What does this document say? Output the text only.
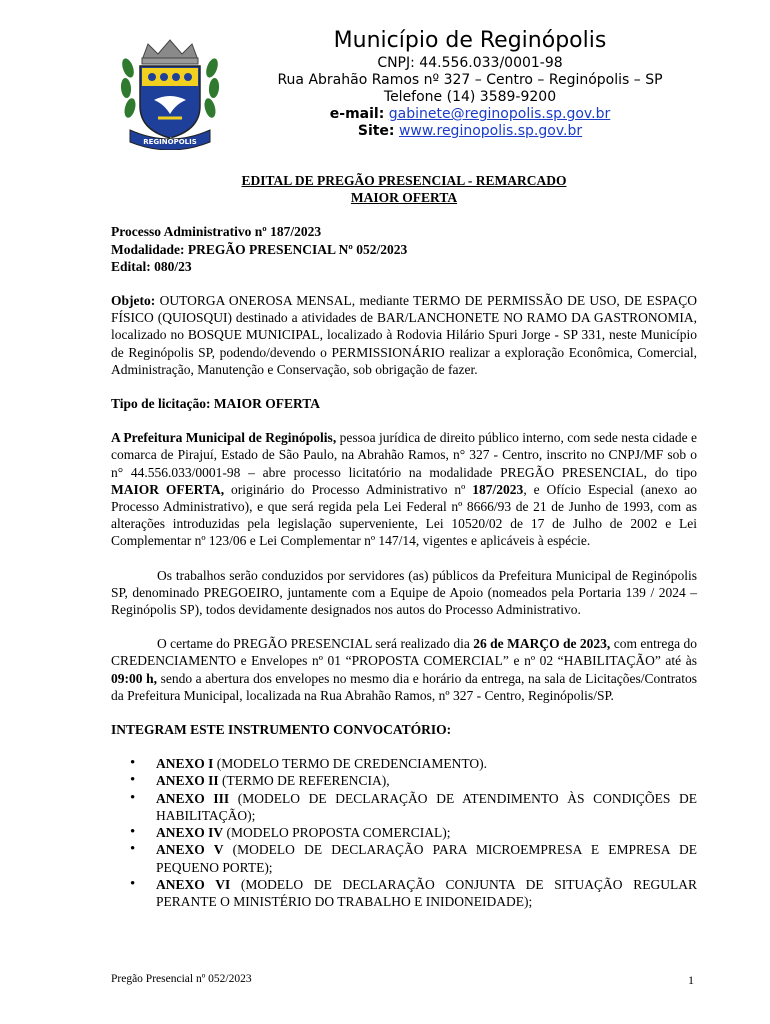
REGINÓPOLIS
Município de Reginópolis
CNPJ: 44.556.033/0001-98
Rua Abrahão Ramos nº 327 – Centro – Reginópolis – SP
Telefone (14) 3589-9200
e-mail: gabinete@reginopolis.sp.gov.br
Site: www.reginopolis.sp.gov.br
EDITAL DE PREGÃO PRESENCIAL - REMARCADO
MAIOR OFERTA
Processo Administrativo nº 187/2023
Modalidade: PREGÃO PRESENCIAL Nº 052/2023
Edital: 080/23
Objeto: OUTORGA ONEROSA MENSAL, mediante TERMO DE PERMISSÃO DE USO, DE ESPAÇO FÍSICO (QUIOSQUI) destinado a atividades de BAR/LANCHONETE NO RAMO DA GASTRONOMIA, localizado no BOSQUE MUNICIPAL, localizado à Rodovia Hilário Spuri Jorge - SP 331, neste Município de Reginópolis SP, podendo/devendo o PERMISSIONÁRIO realizar a exploração Econômica, Comercial, Administração, Manutenção e Conservação, sob obrigação de fazer.
Tipo de licitação: MAIOR OFERTA
A Prefeitura Municipal de Reginópolis, pessoa jurídica de direito público interno, com sede nesta cidade e comarca de Pirajuí, Estado de São Paulo, na Abrahão Ramos, n° 327 - Centro, inscrito no CNPJ/MF sob o n° 44.556.033/0001-98 – abre processo licitatório na modalidade PREGÃO PRESENCIAL, do tipo MAIOR OFERTA, originário do Processo Administrativo nº 187/2023, e Ofício Especial (anexo ao Processo Administrativo), e que será regida pela Lei Federal nº 8666/93 de 21 de Junho de 1993, com as alterações introduzidas pela legislação superveniente, Lei 10520/02 de 17 de Julho de 2002 e Lei Complementar nº 123/06 e Lei Complementar nº 147/14, vigentes e aplicáveis à espécie.
Os trabalhos serão conduzidos por servidores (as) públicos da Prefeitura Municipal de Reginópolis SP, denominado PREGOEIRO, juntamente com a Equipe de Apoio (nomeados pela Portaria 139 / 2024 – Reginópolis SP), todos devidamente designados nos autos do Processo Administrativo.
O certame do PREGÃO PRESENCIAL será realizado dia 26 de MARÇO de 2023, com entrega do CREDENCIAMENTO e Envelopes nº 01 “PROPOSTA COMERCIAL” e nº 02 “HABILITAÇÃO” até às 09:00 h, sendo a abertura dos envelopes no mesmo dia e horário da entrega, na sala de Licitações/Contratos da Prefeitura Municipal, localizada na Rua Abrahão Ramos, nº 327 - Centro, Reginópolis/SP.
INTEGRAM ESTE INSTRUMENTO CONVOCATÓRIO:
• ANEXO I (MODELO TERMO DE CREDENCIAMENTO).
• ANEXO II (TERMO DE REFERENCIA),
• ANEXO III (MODELO DE DECLARAÇÃO DE ATENDIMENTO ÀS CONDIÇÕES DE HABILITAÇÃO);
• ANEXO IV (MODELO PROPOSTA COMERCIAL);
• ANEXO V (MODELO DE DECLARAÇÃO PARA MICROEMPRESA E EMPRESA DE PEQUENO PORTE);
• ANEXO VI (MODELO DE DECLARAÇÃO CONJUNTA DE SITUAÇÃO REGULAR PERANTE O MINISTÉRIO DO TRABALHO E INIDONEIDADE);
Pregão Presencial nº 052/2023	1
